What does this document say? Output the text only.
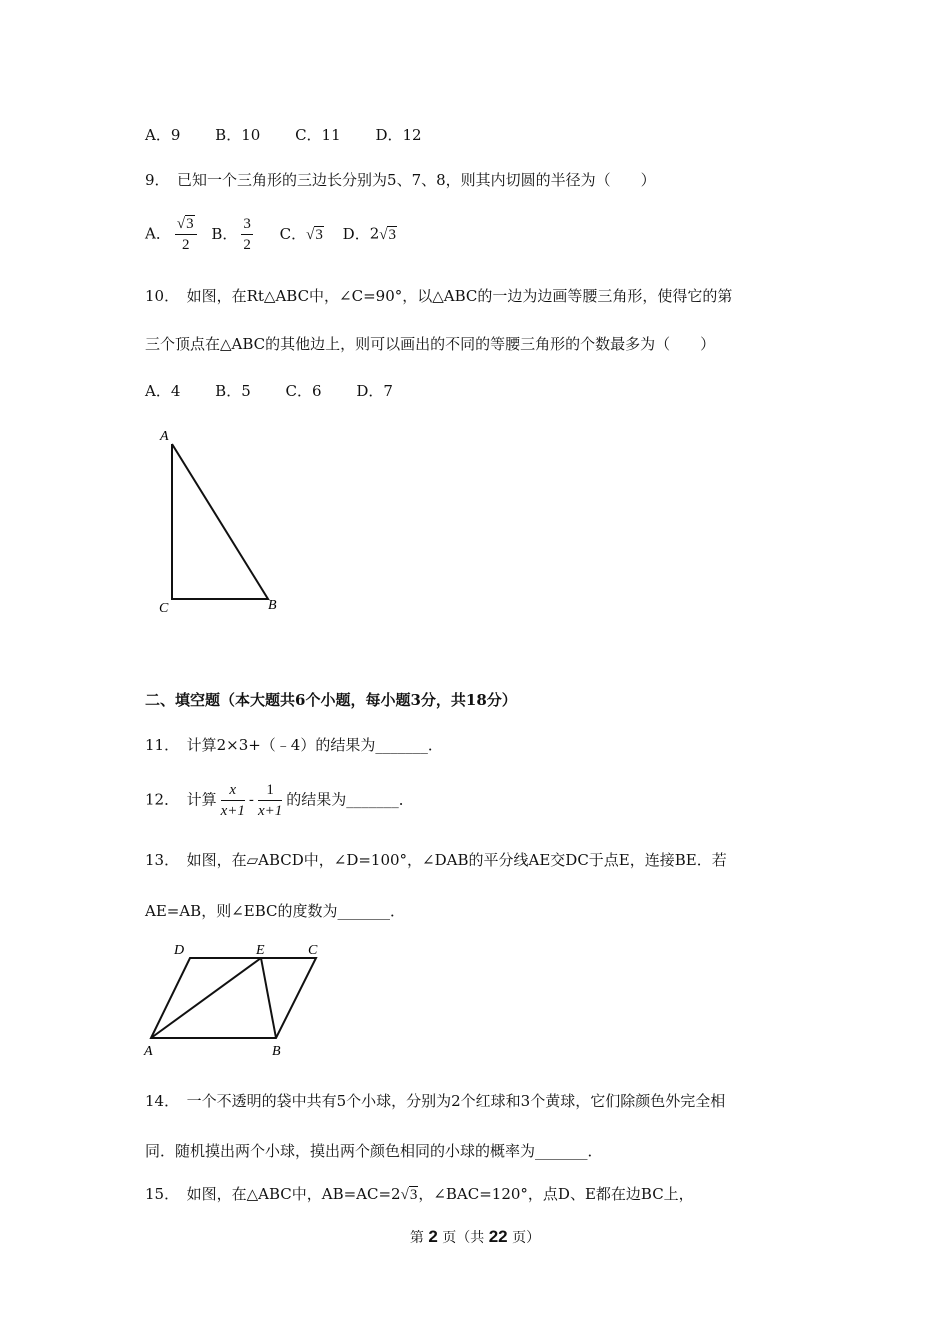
A．9 B．10 C．11 D．12
9．　已知一个三角形的三边长分别为5、7、8，则其内切圆的半径为（　　）
A． $\frac{√3}{2}$ B． $\frac{3}{2}$ C．√3 D．2√3
10．　如图，在Rt△ABC中，∠C=90°，以△ABC的一边为边画等腰三角形，使得它的第
三个顶点在△ABC的其他边上，则可以画出的不同的等腰三角形的个数最多为（　　）
A．4 B．5 C．6 D．7
A
C	B
二、填空题（本大题共6个小题，每小题3分，共18分）
11．　计算2×3+（﹣4）的结果为_______．
12．　计算 $\frac{x}{x+1} - \frac{1}{x+1}$ 的结果为_______．
13．　如图，在▱ABCD中，∠D=100°，∠DAB的平分线AE交DC于点E，连接BE．若
AE=AB，则∠EBC的度数为_______．
D	E	C
A	B
14．　一个不透明的袋中共有5个小球，分别为2个红球和3个黄球，它们除颜色外完全相
同．随机摸出两个小球，摸出两个颜色相同的小球的概率为_______．
15．　如图，在△ABC中，AB=AC=2√3，∠BAC=120°，点D、E都在边BC上，
第 2 页（共 22 页）
